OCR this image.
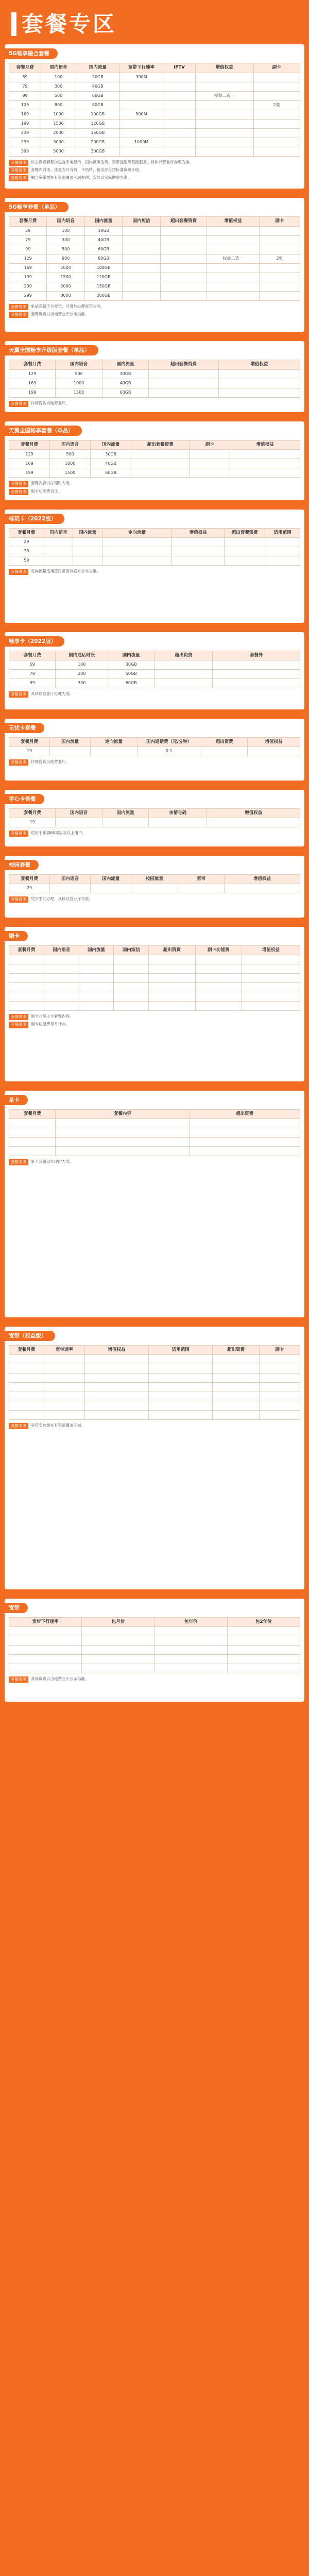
套餐专区
5G畅享融合套餐
套餐月费	国内语音	国内流量	宽带下行速率	IPTV	增值权益	副卡
59	100	30GB	300M			
79	300	40GB				
99	500	60GB			权益二选一	
129	800	80GB				2张
169	1000	100GB	500M			
199	1500	120GB				
239	2000	150GB				
299	3000	200GB	1000M			
399	5000	300GB				
套餐说明	以上资费套餐均包含来电显示、国内被叫免费、宽带提速等基础服务，具体以营业厅办理为准。
套餐说明	套餐内通话、流量当月有效，不结转，超出部分按标准资费计收。
套餐说明	融合宽带需在有资源覆盖区域办理，安装以实际勘察为准。
5G畅享套餐（单品）
套餐月费	国内语音	国内流量	国内短信	超出套餐资费	增值权益	副卡
59	100	30GB				
79	300	40GB				
99	500	60GB				
129	800	80GB			权益二选一	2张
169	1000	100GB				
199	1500	120GB				
239	2000	150GB				
299	3000	200GB				
套餐说明	单品套餐不含宽带，可叠加办理宽带业务。
套餐说明	套餐资费以当地营业厅公示为准。
天翼全国畅享升级版套餐（单品）
套餐月费	国内语音	国内流量	超出套餐资费	增值权益
129	500	30GB		
169	1000	40GB		
199	1500	60GB		
套餐说明	详情咨询当地营业厅。
天翼全国畅享套餐（单品）
套餐月费	国内语音	国内流量	超出套餐资费	副卡	增值权益
129	500	30GB			
169	1000	40GB			
199	1500	60GB			
套餐说明	套餐内容以办理时为准。
套餐说明	副卡功能费另计。
畅玩卡（2022版）
套餐月费	国内语音	国内流量	定向流量	增值权益	超出套餐资费	适用范围
29						
39						
59						
套餐说明	定向流量适用应用范围以官方公布为准。
畅享卡（2022版）
套餐月费	国内通话时长	国内流量	超出资费	套餐外
59	100	30GB		
79	200	50GB		
99	300	60GB		
套餐说明	具体以营业厅办理为准。
无忧卡套餐
套餐月费	国内流量	定向流量	国内通话费（元/分钟）	超出资费	增值权益
19			0.1		
套餐说明	详情咨询当地营业厅。
孝心卡套餐
套餐月费	国内语音	国内流量	亲情号码	增值权益
19				
套餐说明	适用于年满60周岁及以上用户。
校园套餐
套餐月费	国内语音	国内流量	校园流量	宽带	增值权益
29					
套餐说明	凭学生证办理，具体以营业厅为准。
副卡
套餐月费	国内语音	国内流量	国内短信	超出资费	副卡功能费	增值权益

套餐说明	副卡共享主卡套餐内容。
套餐说明	副卡功能费每月计收。
星卡
套餐月费	套餐内容	超出资费

套餐说明	星卡套餐以办理时为准。
宽带（权益版）
套餐月费	宽带速率	增值权益	适用范围	超出资费	副卡

套餐说明	宽带安装需在有资源覆盖区域。
宽带
宽带下行速率	包月价	包年价	包2年价

套餐说明	具体资费以当地营业厅公示为准。
